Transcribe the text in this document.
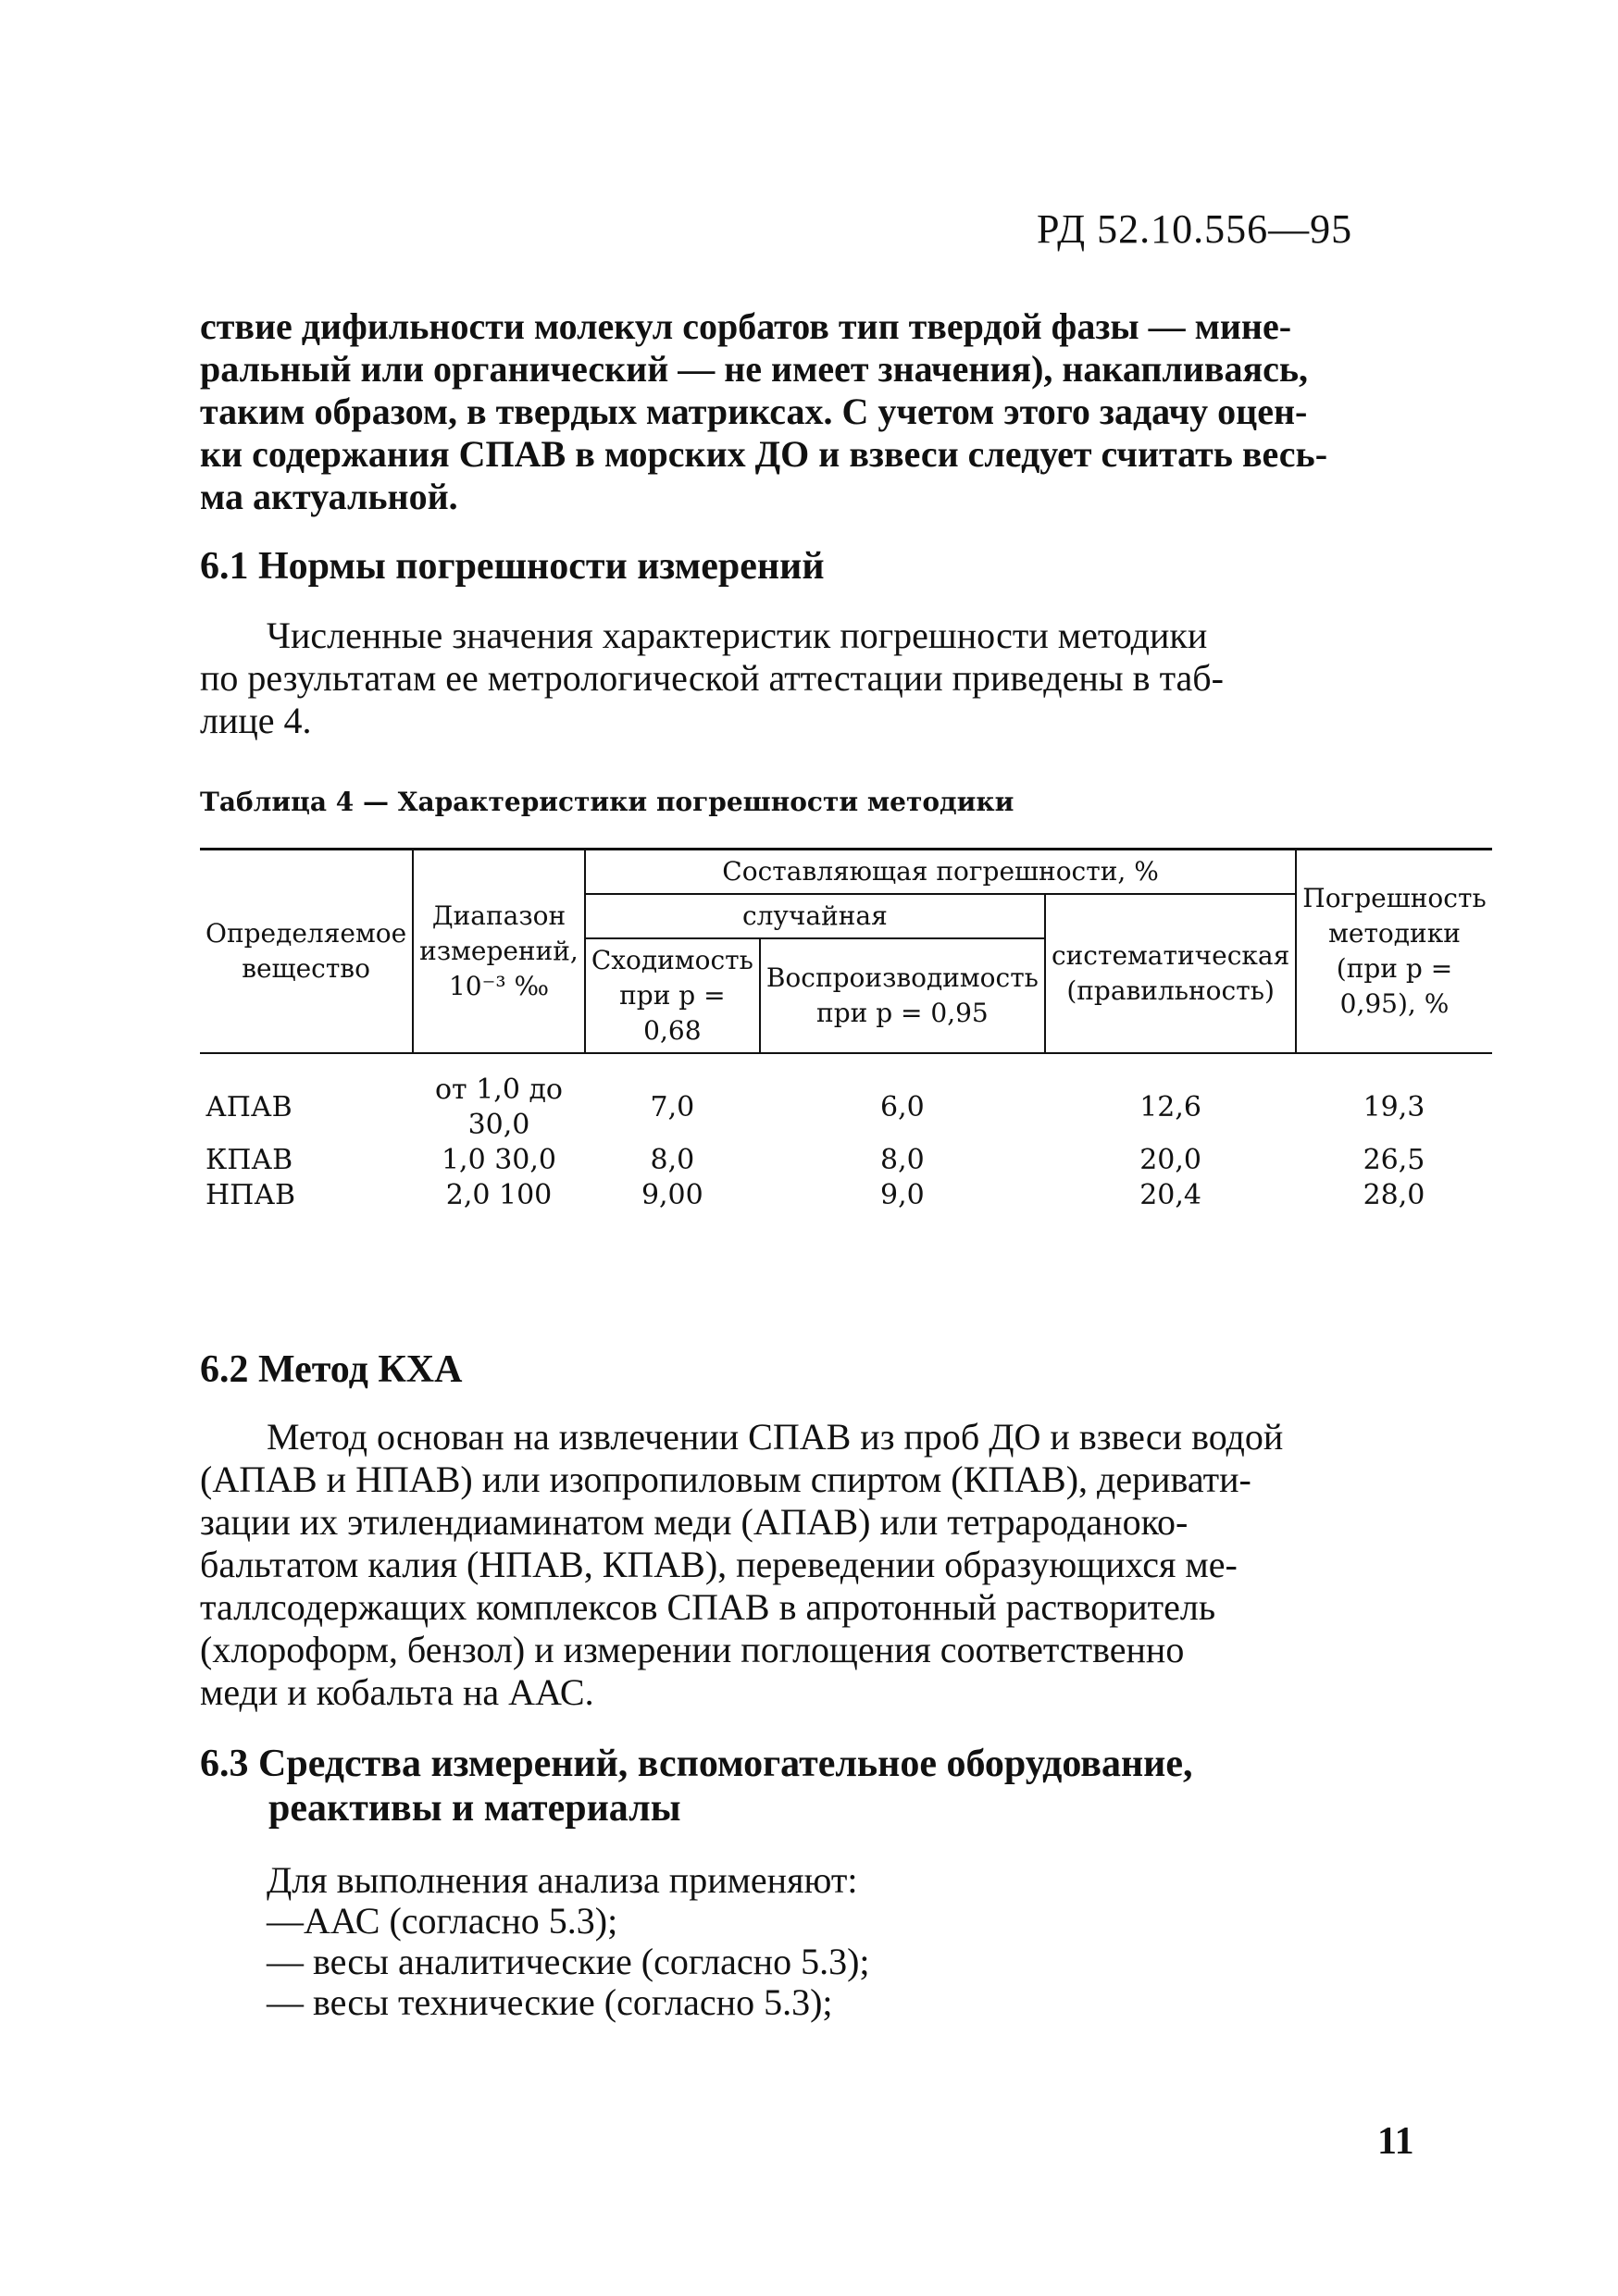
РД 52.10.556—95
ствие дифильности молекул сорбатов тип твердой фазы — мине-
ральный или органический — не имеет значения), накапливаясь,
таким образом, в твердых матриксах. С учетом этого задачу оцен-
ки содержания СПАВ в морских ДО и взвеси следует считать весь-
ма актуальной.
6.1 Нормы погрешности измерений
Численные значения характеристик погрешности методики
по результатам ее метрологической аттестации приведены в таб-
лице 4.
Таблица 4 — Характеристики погрешности методики
Определяемое вещество	Диапазон измерений, 10⁻³ ‰	Составляющая погрешности, %			Погрешность методики (при р = 0,95), %
		случайная		систематическая (правильность)	
		Сходимость при р = 0,68	Воспроизводимость при р = 0,95		
АПАВ	от 1,0 до 30,0	7,0	6,0	12,6	19,3
КПАВ	1,0 30,0	8,0	8,0	20,0	26,5
НПАВ	2,0 100	9,00	9,0	20,4	28,0
6.2 Метод КХА
Метод основан на извлечении СПАВ из проб ДО и взвеси водой
(АПАВ и НПАВ) или изопропиловым спиртом (КПАВ), деривати-
зации их этилендиаминатом меди (АПАВ) или тетрароданоко-
бальтатом калия (НПАВ, КПАВ), переведении образующихся ме-
таллсодержащих комплексов СПАВ в апротонный растворитель
(хлороформ, бензол) и измерении поглощения соответственно
меди и кобальта на ААС.
6.3 Средства измерений, вспомогательное оборудование,
реактивы и материалы
Для выполнения анализа применяют:
—ААС (согласно 5.3);
— весы аналитические (согласно 5.3);
— весы технические (согласно 5.3);
11
